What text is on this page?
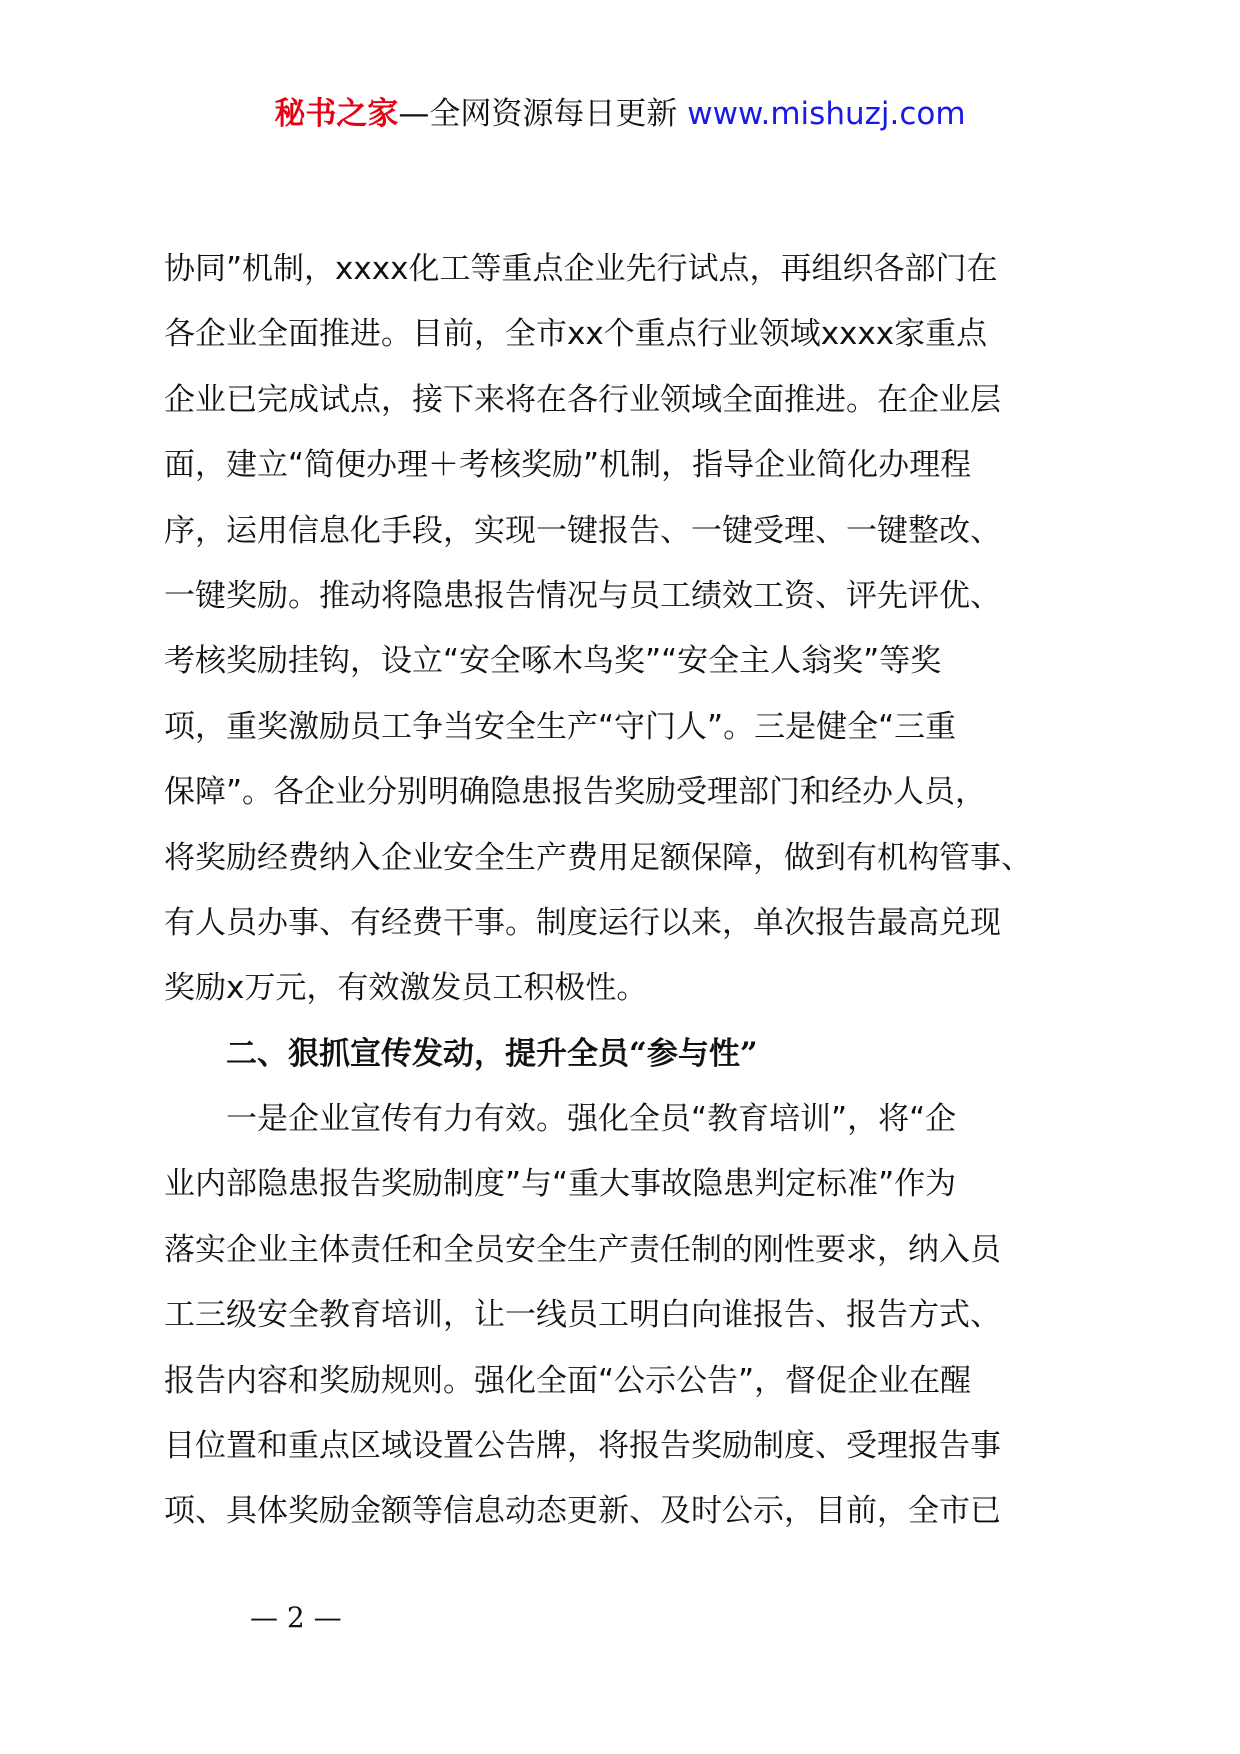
秘书之家—全网资源每日更新 www.mishuzj.com
协同”机制，xxxx化工等重点企业先行试点，再组织各部门在
各企业全面推进。目前，全市xx个重点行业领域xxxx家重点
企业已完成试点，接下来将在各行业领域全面推进。在企业层
面，建立“简便办理＋考核奖励”机制，指导企业简化办理程
序，运用信息化手段，实现一键报告、一键受理、一键整改、
一键奖励。推动将隐患报告情况与员工绩效工资、评先评优、
考核奖励挂钩，设立“安全啄木鸟奖”“安全主人翁奖”等奖
项，重奖激励员工争当安全生产“守门人”。三是健全“三重
保障”。各企业分别明确隐患报告奖励受理部门和经办人员，
将奖励经费纳入企业安全生产费用足额保障，做到有机构管事、
有人员办事、有经费干事。制度运行以来，单次报告最高兑现
奖励x万元，有效激发员工积极性。
　　二、狠抓宣传发动，提升全员“参与性”
　　一是企业宣传有力有效。强化全员“教育培训”，将“企
业内部隐患报告奖励制度”与“重大事故隐患判定标准”作为
落实企业主体责任和全员安全生产责任制的刚性要求，纳入员
工三级安全教育培训，让一线员工明白向谁报告、报告方式、
报告内容和奖励规则。强化全面“公示公告”，督促企业在醒
目位置和重点区域设置公告牌，将报告奖励制度、受理报告事
项、具体奖励金额等信息动态更新、及时公示，目前，全市已
— 2 —
